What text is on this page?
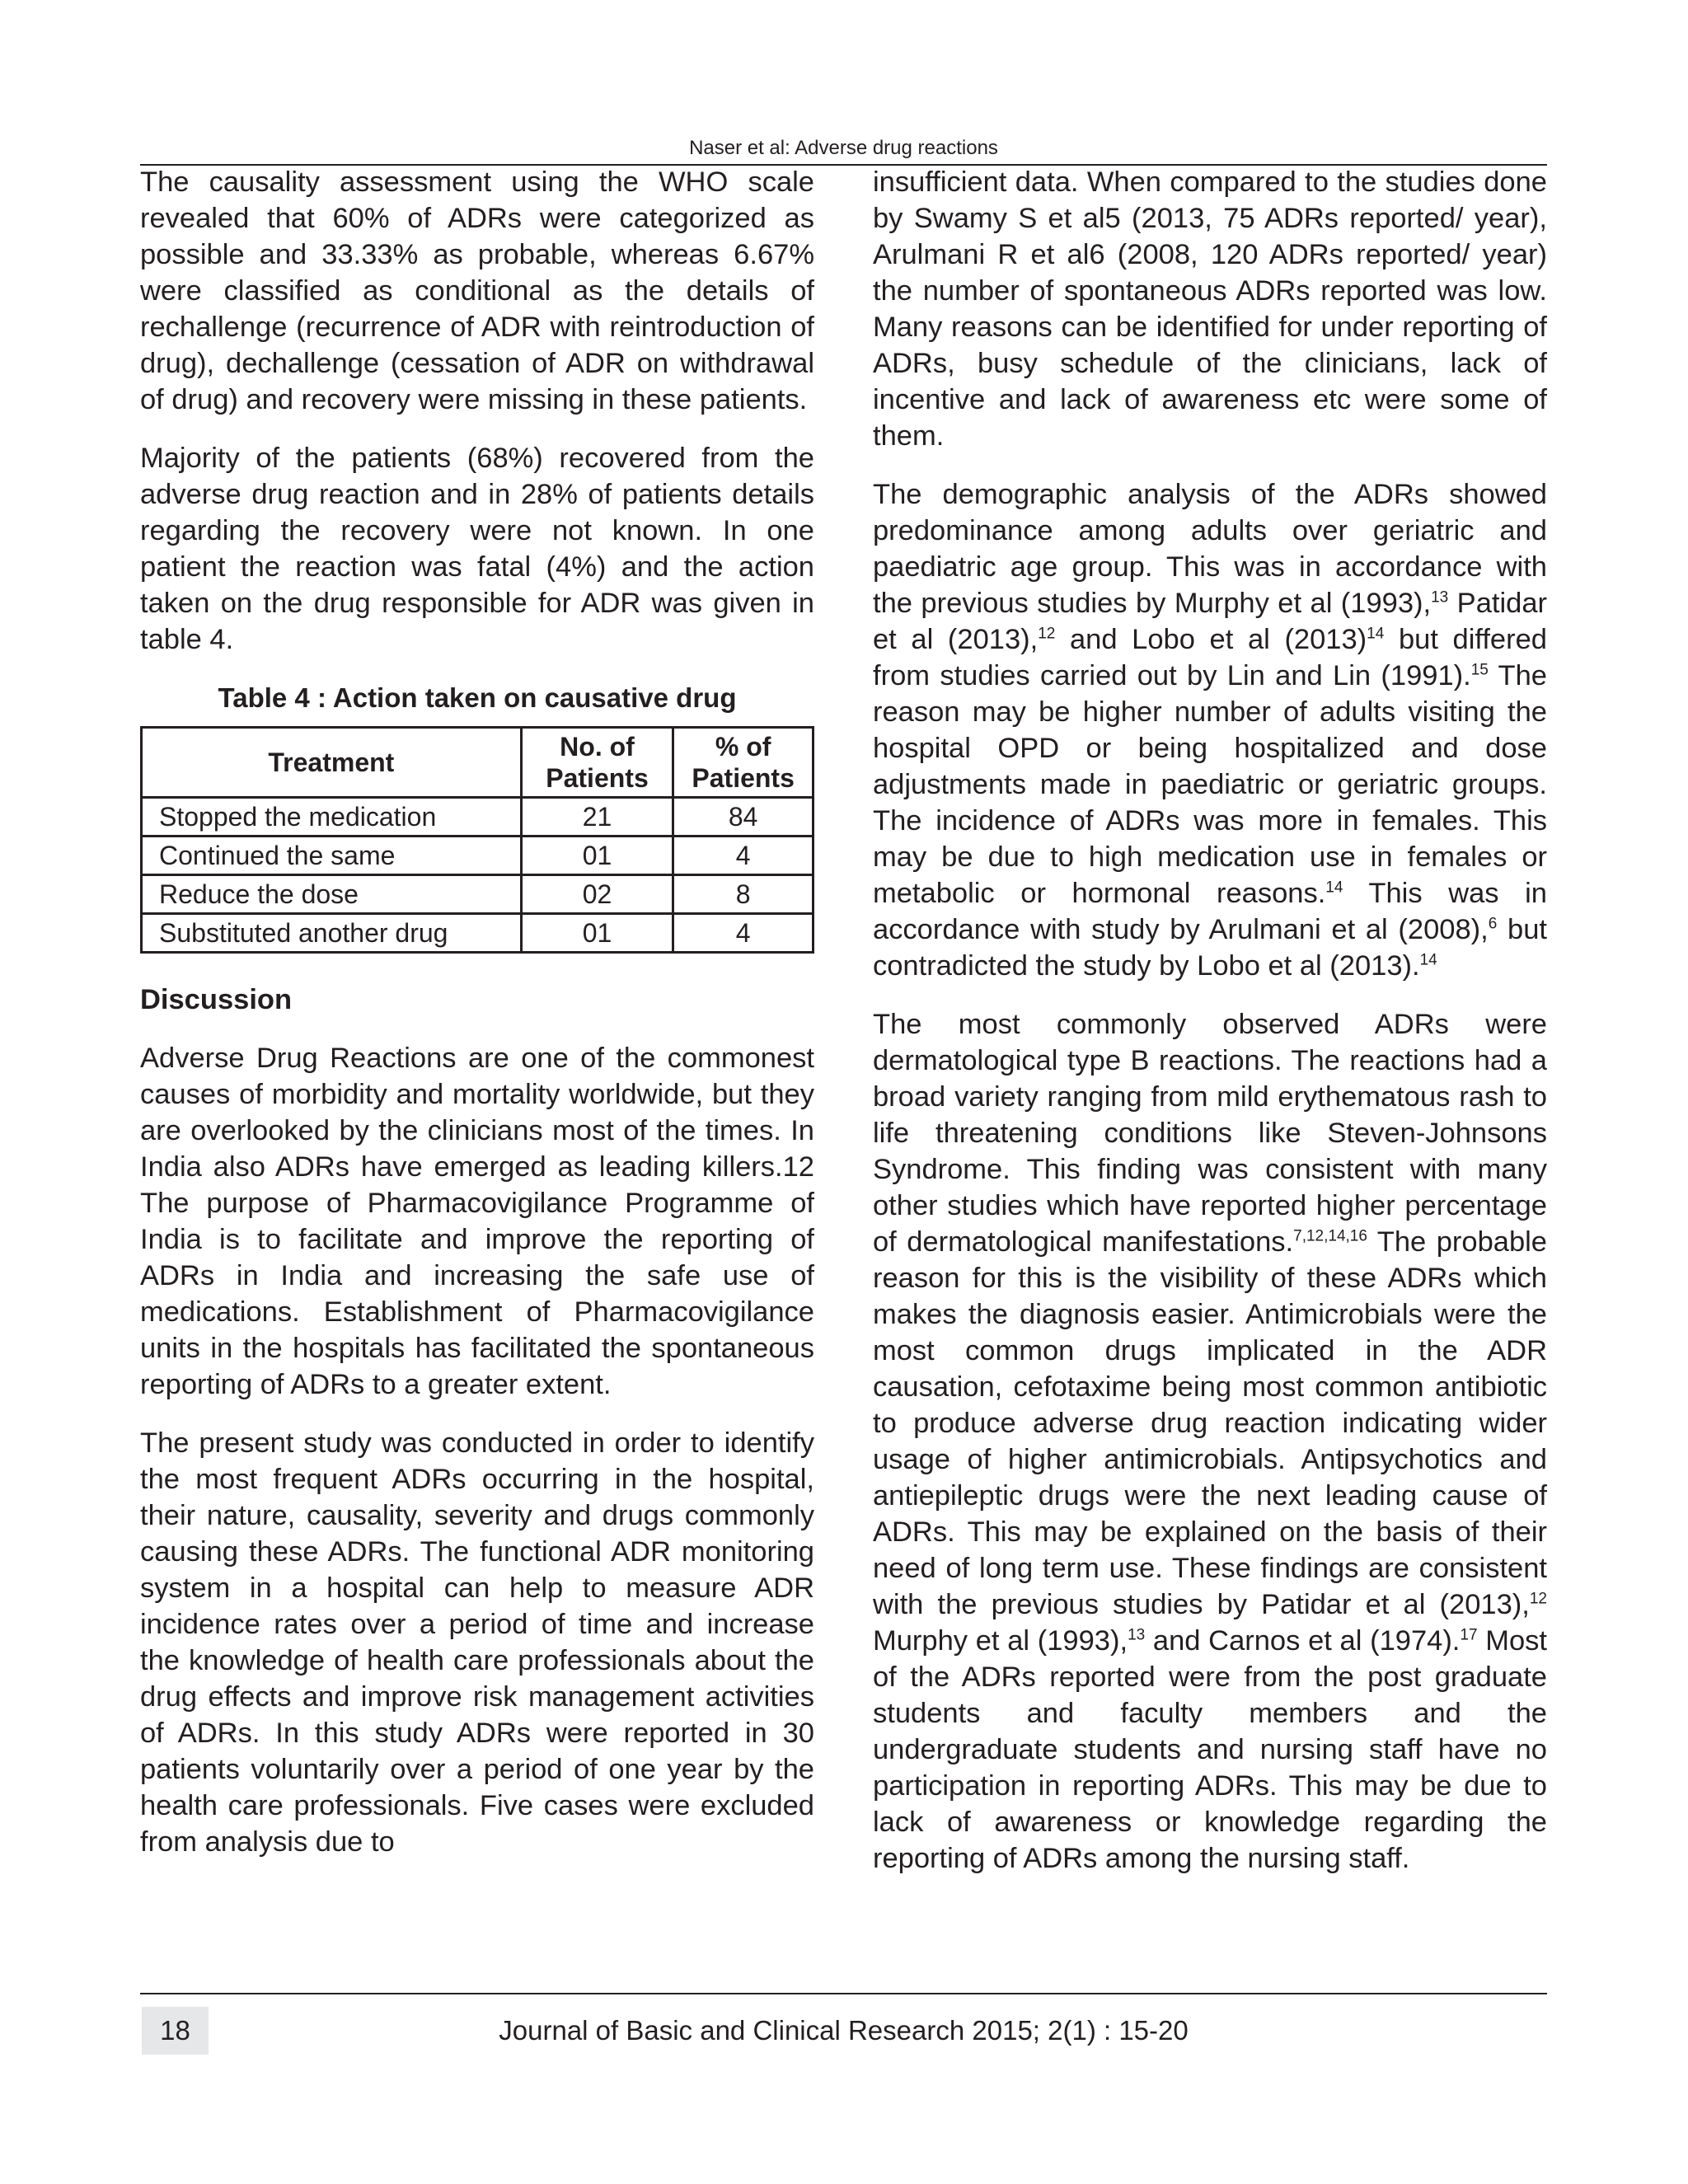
Naser et al: Adverse drug reactions

The causality assessment using the WHO scale revealed that 60% of ADRs were categorized as possible and 33.33% as probable, whereas 6.67% were classified as conditional as the details of rechallenge (recurrence of ADR with reintroduction of drug), dechallenge (cessation of ADR on withdrawal of drug) and recovery were missing in these patients.

Majority of the patients (68%) recovered from the adverse drug reaction and in 28% of patients details regarding the recovery were not known. In one patient the reaction was fatal (4%) and the action taken on the drug responsible for ADR was given in table 4.

Table 4 : Action taken on causative drug

Treatment	No. of Patients	% of Patients
Stopped the medication	21	84
Continued the same	01	4
Reduce the dose	02	8
Substituted another drug	01	4
Discussion

Adverse Drug Reactions are one of the commonest causes of morbidity and mortality worldwide, but they are overlooked by the clinicians most of the times. In India also ADRs have emerged as leading killers.12 The purpose of Pharmacovigilance Programme of India is to facilitate and improve the reporting of ADRs in India and increasing the safe use of medications. Establishment of Pharmacovigilance units in the hospitals has facilitated the spontaneous reporting of ADRs to a greater extent.

The present study was conducted in order to identify the most frequent ADRs occurring in the hospital, their nature, causality, severity and drugs commonly causing these ADRs. The functional ADR monitoring system in a hospital can help to measure ADR incidence rates over a period of time and increase the knowledge of health care professionals about the drug effects and improve risk management activities of ADRs. In this study ADRs were reported in 30 patients voluntarily over a period of one year by the health care professionals. Five cases were excluded from analysis due to

insufficient data. When compared to the studies done by Swamy S et al5 (2013, 75 ADRs reported/ year), Arulmani R et al6 (2008, 120 ADRs reported/ year) the number of spontaneous ADRs reported was low. Many reasons can be identified for under reporting of ADRs, busy schedule of the clinicians, lack of incentive and lack of awareness etc were some of them.

The demographic analysis of the ADRs showed predominance among adults over geriatric and paediatric age group. This was in accordance with the previous studies by Murphy et al (1993),$^{13}$ Patidar et al (2013),$^{12}$ and Lobo et al $(2013)^{14}$ but differed from studies carried out by Lin and Lin (1991).$^{15}$ The reason may be higher number of adults visiting the hospital OPD or being hospitalized and dose adjustments made in paediatric or geriatric groups. The incidence of ADRs was more in females. This may be due to high medication use in females or metabolic or hormonal reasons.$^{14}$ This was in accordance with study by Arulmani et al (2008),$^6$ but contradicted the study by Lobo et al (2013).$^{14}$

The most commonly observed ADRs were dermatological type B reactions. The reactions had a broad variety ranging from mild erythematous rash to life threatening conditions like Steven-Johnsons Syndrome. This finding was consistent with many other studies which have reported higher percentage of dermatological manifestations.$^{7,12,14,16}$ The probable reason for this is the visibility of these ADRs which makes the diagnosis easier. Antimicrobials were the most common drugs implicated in the ADR causation, cefotaxime being most common antibiotic to produce adverse drug reaction indicating wider usage of higher antimicrobials. Antipsychotics and antiepileptic drugs were the next leading cause of ADRs. This may be explained on the basis of their need of long term use. These findings are consistent with the previous studies by Patidar et al (2013),$^{12}$ Murphy et al (1993),$^{13}$ and Carnos et al (1974).$^{17}$ Most of the ADRs reported were from the post graduate students and faculty members and the undergraduate students and nursing staff have no participation in reporting ADRs. This may be due to lack of awareness or knowledge regarding the reporting of ADRs among the nursing staff.

Journal of Basic and Clinical Research 2015; 2(1) : 15-20
18
